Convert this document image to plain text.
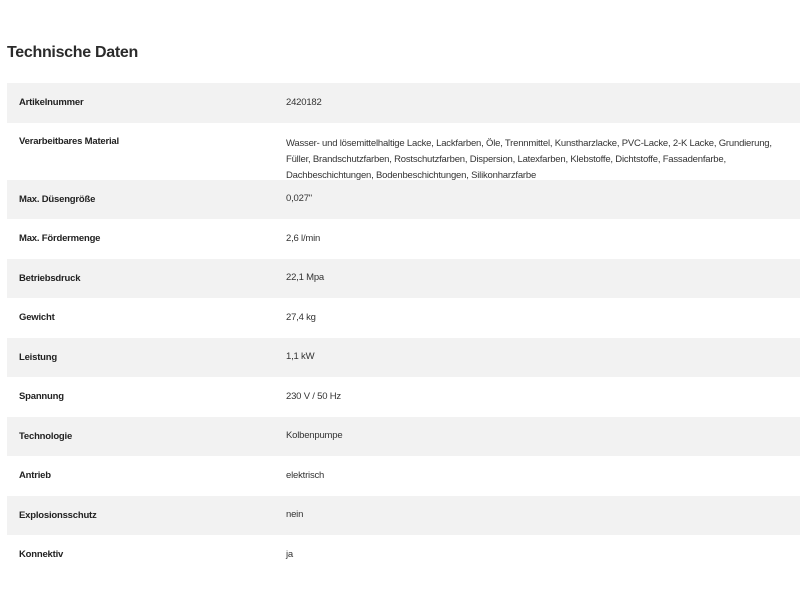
Technische Daten
Artikelnummer	2420182
Verarbeitbares Material	Wasser- und lösemittelhaltige Lacke, Lackfarben, Öle, Trennmittel, Kunstharzlacke, PVC-Lacke, 2-K Lacke, Grundierung, Füller, Brandschutzfarben, Rostschutzfarben, Dispersion, Latexfarben, Klebstoffe, Dichtstoffe, Fassadenfarbe, Dachbeschichtungen, Bodenbeschichtungen, Silikonharzfarbe
Max. Düsengröße	0,027"
Max. Fördermenge	2,6 l/min
Betriebsdruck	22,1 Mpa
Gewicht	27,4 kg
Leistung	1,1 kW
Spannung	230 V / 50 Hz
Technologie	Kolbenpumpe
Antrieb	elektrisch
Explosionsschutz	nein
Konnektiv	ja
